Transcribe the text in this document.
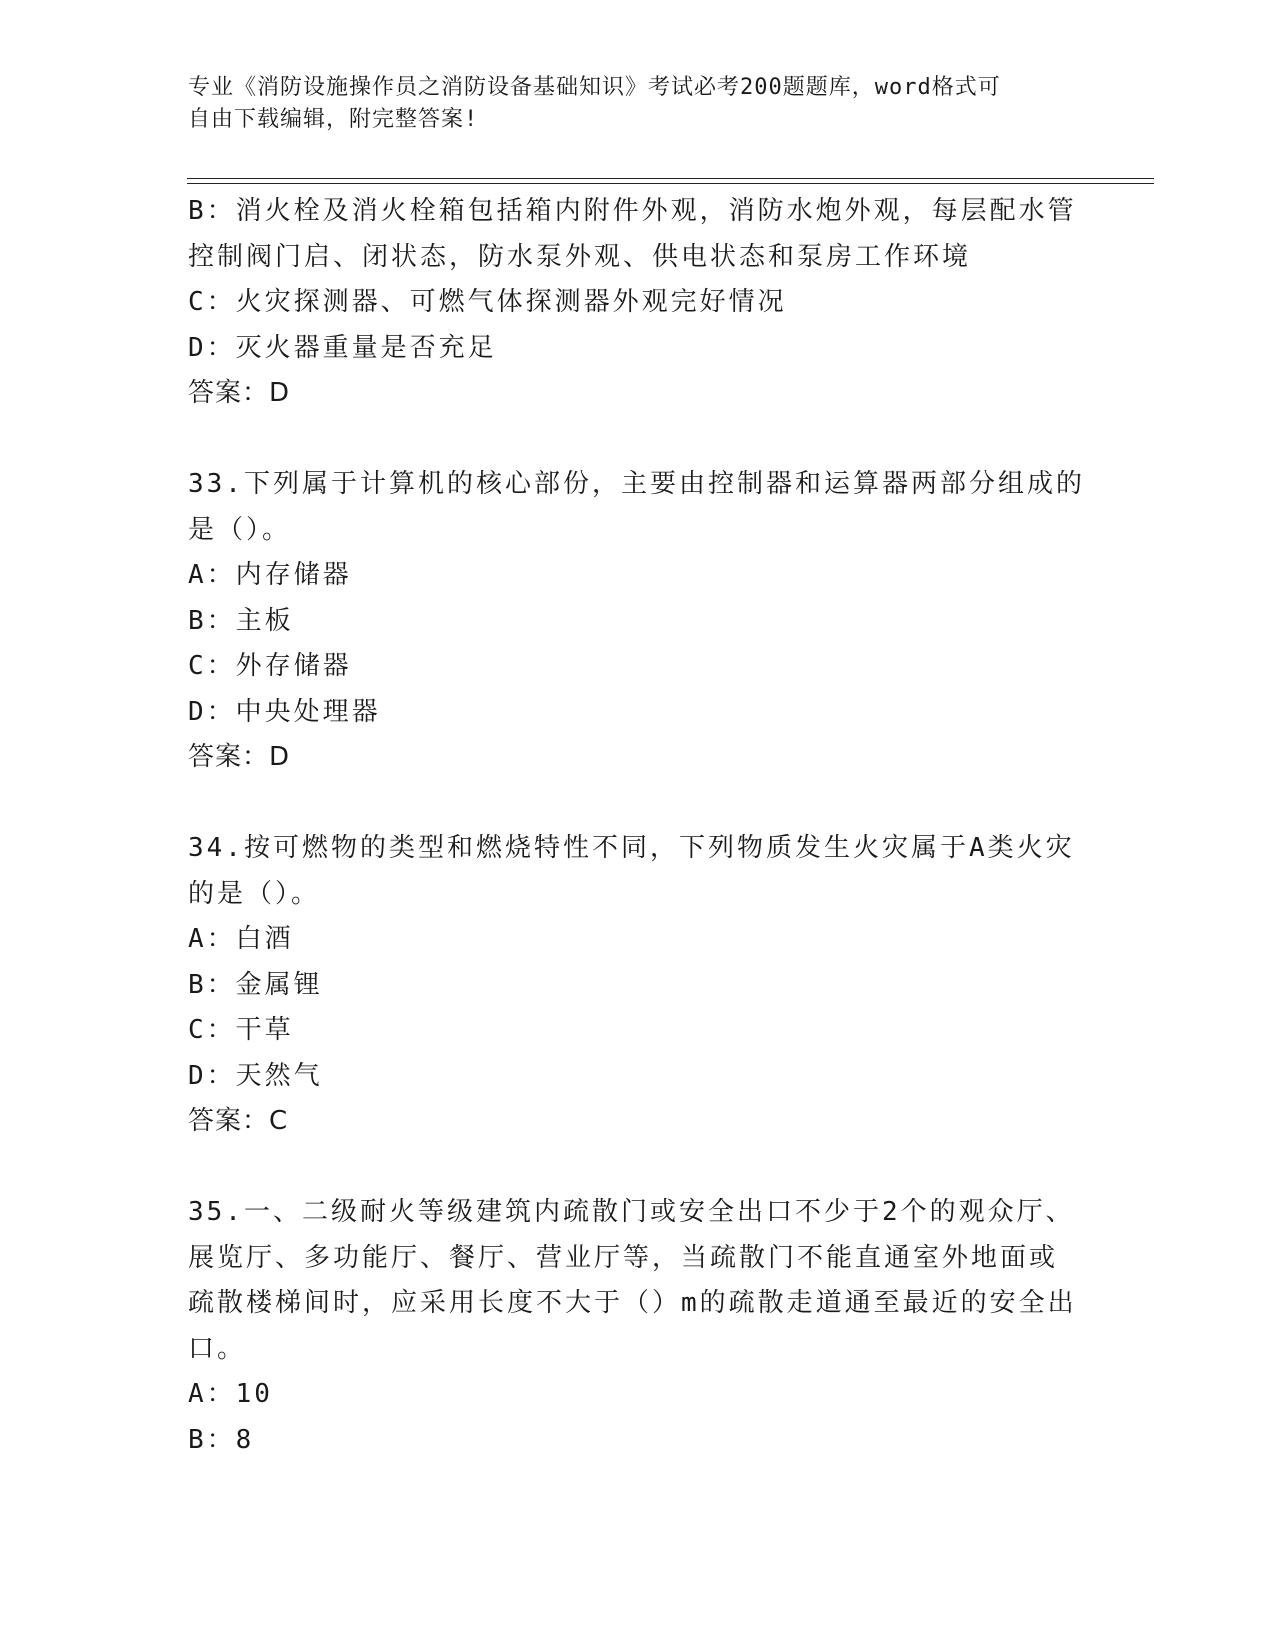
专业《消防设施操作员之消防设备基础知识》考试必考200题题库，word格式可
自由下载编辑，附完整答案!
B：消火栓及消火栓箱包括箱内附件外观，消防水炮外观，每层配水管
控制阀门启、闭状态，防水泵外观、供电状态和泵房工作环境
C：火灾探测器、可燃气体探测器外观完好情况
D：灭火器重量是否充足
答案：D
33.下列属于计算机的核心部份，主要由控制器和运算器两部分组成的
是（）。
A：内存储器
B：主板
C：外存储器
D：中央处理器
答案：D
34.按可燃物的类型和燃烧特性不同，下列物质发生火灾属于A类火灾
的是（）。
A：白酒
B：金属锂
C：干草
D：天然气
答案：C
35.一、二级耐火等级建筑内疏散门或安全出口不少于2个的观众厅、
展览厅、多功能厅、餐厅、营业厅等，当疏散门不能直通室外地面或
疏散楼梯间时，应采用长度不大于（）m的疏散走道通至最近的安全出
口。
A：10
B：8
